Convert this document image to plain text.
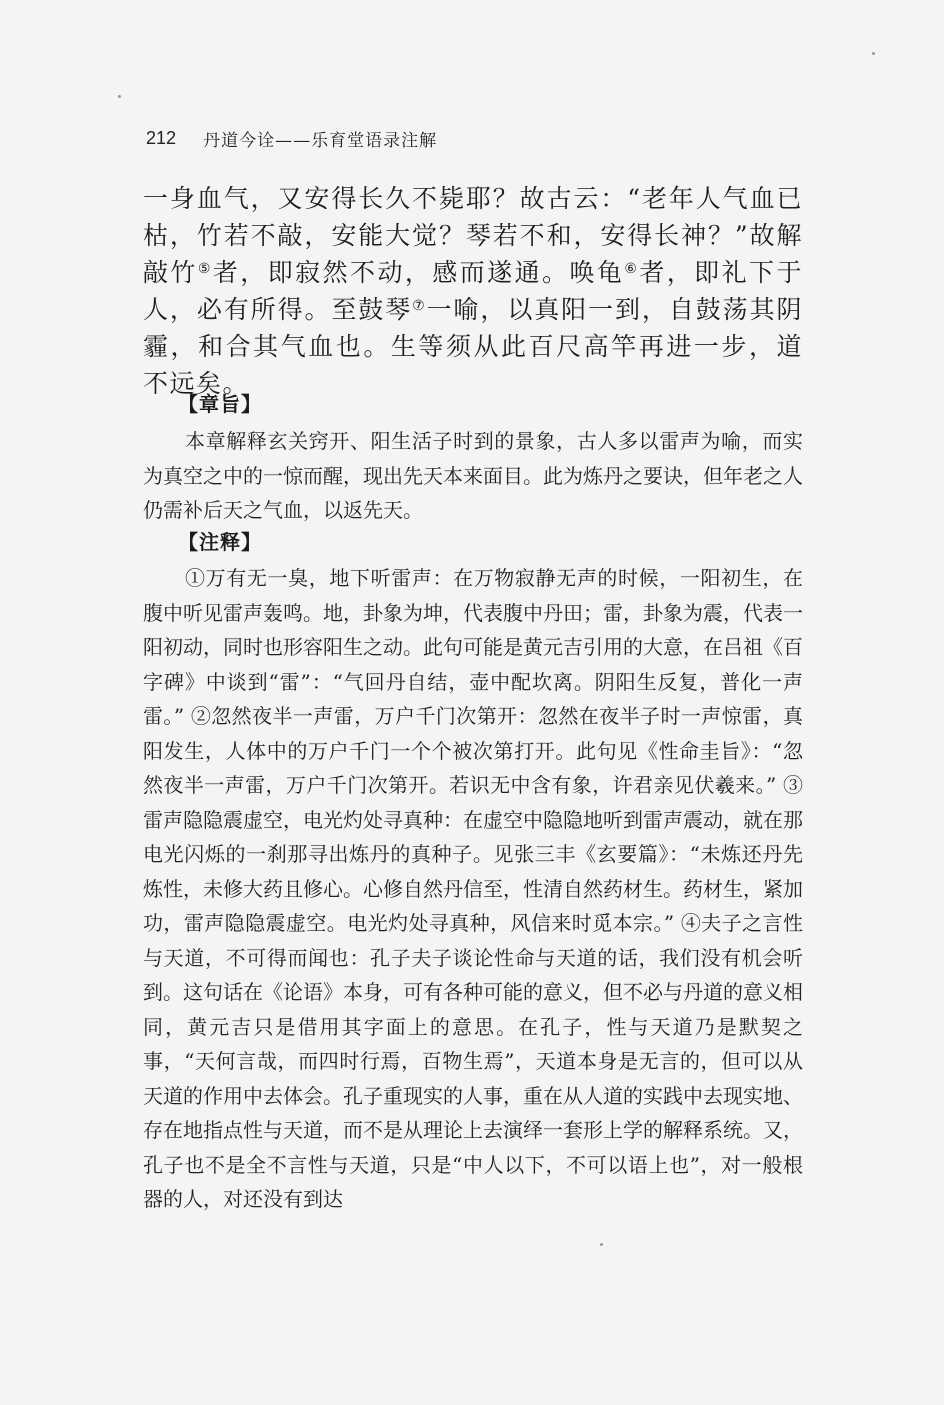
212 丹道今诠——乐育堂语录注解

一身血气，又安得长久不毙耶？故古云：“老年人气血已枯，竹若不敲，安能大觉？琴若不和，安得长神？”故解敲竹⑤者，即寂然不动，感而遂通。唤龟⑥者，即礼下于人，必有所得。至鼓琴⑦一喻，以真阳一到，自鼓荡其阴霾，和合其气血也。生等须从此百尺高竿再进一步，道不远矣。

【章旨】

本章解释玄关窍开、阳生活子时到的景象，古人多以雷声为喻，而实为真空之中的一惊而醒，现出先天本来面目。此为炼丹之要诀，但年老之人仍需补后天之气血，以返先天。

【注释】

①万有无一臭，地下听雷声：在万物寂静无声的时候，一阳初生，在腹中听见雷声轰鸣。地，卦象为坤，代表腹中丹田；雷，卦象为震，代表一阳初动，同时也形容阳生之动。此句可能是黄元吉引用的大意，在吕祖《百字碑》中谈到“雷”：“气回丹自结，壶中配坎离。阴阳生反复，普化一声雷。” ②忽然夜半一声雷，万户千门次第开：忽然在夜半子时一声惊雷，真阳发生，人体中的万户千门一个个被次第打开。此句见《性命圭旨》：“忽然夜半一声雷，万户千门次第开。若识无中含有象，许君亲见伏羲来。” ③雷声隐隐震虚空，电光灼处寻真种：在虚空中隐隐地听到雷声震动，就在那电光闪烁的一刹那寻出炼丹的真种子。见张三丰《玄要篇》：“未炼还丹先炼性，未修大药且修心。心修自然丹信至，性清自然药材生。药材生，紧加功，雷声隐隐震虚空。电光灼处寻真种，风信来时觅本宗。” ④夫子之言性与天道，不可得而闻也：孔子夫子谈论性命与天道的话，我们没有机会听到。这句话在《论语》本身，可有各种可能的意义，但不必与丹道的意义相同，黄元吉只是借用其字面上的意思。在孔子，性与天道乃是默契之事，“天何言哉，而四时行焉，百物生焉”，天道本身是无言的，但可以从天道的作用中去体会。孔子重现实的人事，重在从人道的实践中去现实地、存在地指点性与天道，而不是从理论上去演绎一套形上学的解释系统。又，孔子也不是全不言性与天道，只是“中人以下，不可以语上也”，对一般根器的人，对还没有到达
